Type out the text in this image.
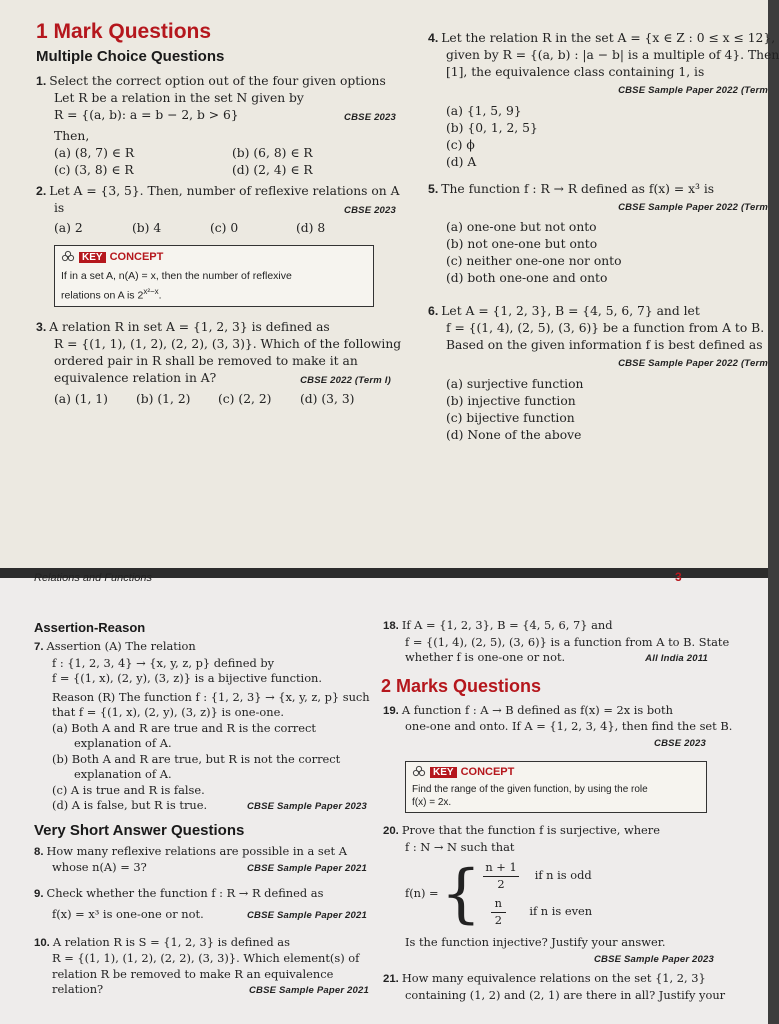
1 Mark Questions
Multiple Choice Questions
1. Select the correct option out of the four given options
Let R be a relation in the set N given by
R = {(a, b): a = b − 2, b > 6}	CBSE 2023
Then,
(a) (8, 7) ∈ R	(b) (6, 8) ∈ R
(c) (3, 8) ∈ R	(d) (2, 4) ∈ R
2. Let A = {3, 5}. Then, number of reflexive relations on A
is	CBSE 2023
(a) 2	(b) 4	(c) 0	(d) 8
KEY CONCEPT
If in a set A, n(A) = x, then the number of reflexive
relations on A is $2^{x^2-x}$.
3. A relation R in set A = {1, 2, 3} is defined as
R = {(1, 1), (1, 2), (2, 2), (3, 3)}. Which of the following
ordered pair in R shall be removed to make it an
equivalence relation in A?	CBSE 2022 (Term I)
(a) (1, 1)	(b) (1, 2)	(c) (2, 2)	(d) (3, 3)
4. Let the relation R in the set A = {x ∈ Z : 0 ≤ x ≤ 12},
given by R = {(a, b) : |a − b| is a multiple of 4}. Then
[1], the equivalence class containing 1, is
CBSE Sample Paper 2022 (Term
(a) {1, 5, 9}
(b) {0, 1, 2, 5}
(c) ϕ
(d) A
5. The function f : R → R defined as f(x) = x³ is
CBSE Sample Paper 2022 (Term
(a) one-one but not onto
(b) not one-one but onto
(c) neither one-one nor onto
(d) both one-one and onto
6. Let A = {1, 2, 3}, B = {4, 5, 6, 7} and let
f = {(1, 4), (2, 5), (3, 6)} be a function from A to B.
Based on the given information f is best defined as
CBSE Sample Paper 2022 (Term
(a) surjective function
(b) injective function
(c) bijective function
(d) None of the above
Relations and Functions	3
Assertion-Reason
7. Assertion (A) The relation
f : {1, 2, 3, 4} → {x, y, z, p} defined by
f = {(1, x), (2, y), (3, z)} is a bijective function.
Reason (R) The function f : {1, 2, 3} → {x, y, z, p} such
that f = {(1, x), (2, y), (3, z)} is one-one.
(a) Both A and R are true and R is the correct
explanation of A.
(b) Both A and R are true, but R is not the correct
explanation of A.
(c) A is true and R is false.
(d) A is false, but R is true.	CBSE Sample Paper 2023
Very Short Answer Questions
8. How many reflexive relations are possible in a set A
whose n(A) = 3?	CBSE Sample Paper 2021
9. Check whether the function f : R → R defined as
f(x) = x³ is one-one or not.	CBSE Sample Paper 2021
10. A relation R is S = {1, 2, 3} is defined as
R = {(1, 1), (1, 2), (2, 2), (3, 3)}. Which element(s) of
relation R be removed to make R an equivalence
relation?	CBSE Sample Paper 2021
18. If A = {1, 2, 3}, B = {4, 5, 6, 7} and
f = {(1, 4), (2, 5), (3, 6)} is a function from A to B. State
whether f is one-one or not.	All India 2011
2 Marks Questions
19. A function f : A → B defined as f(x) = 2x is both
one-one and onto. If A = {1, 2, 3, 4}, then find the set B.
CBSE 2023
KEY CONCEPT
Find the range of the given function, by using the role
f(x) = 2x.
20. Prove that the function f is surjective, where
f : N → N such that
f(n) = { $\frac{n + 1}{2}$ if n is odd
$\frac{n}{2}$ if n is even
Is the function injective? Justify your answer.
CBSE Sample Paper 2023
21. How many equivalence relations on the set {1, 2, 3}
containing (1, 2) and (2, 1) are there in all? Justify your
